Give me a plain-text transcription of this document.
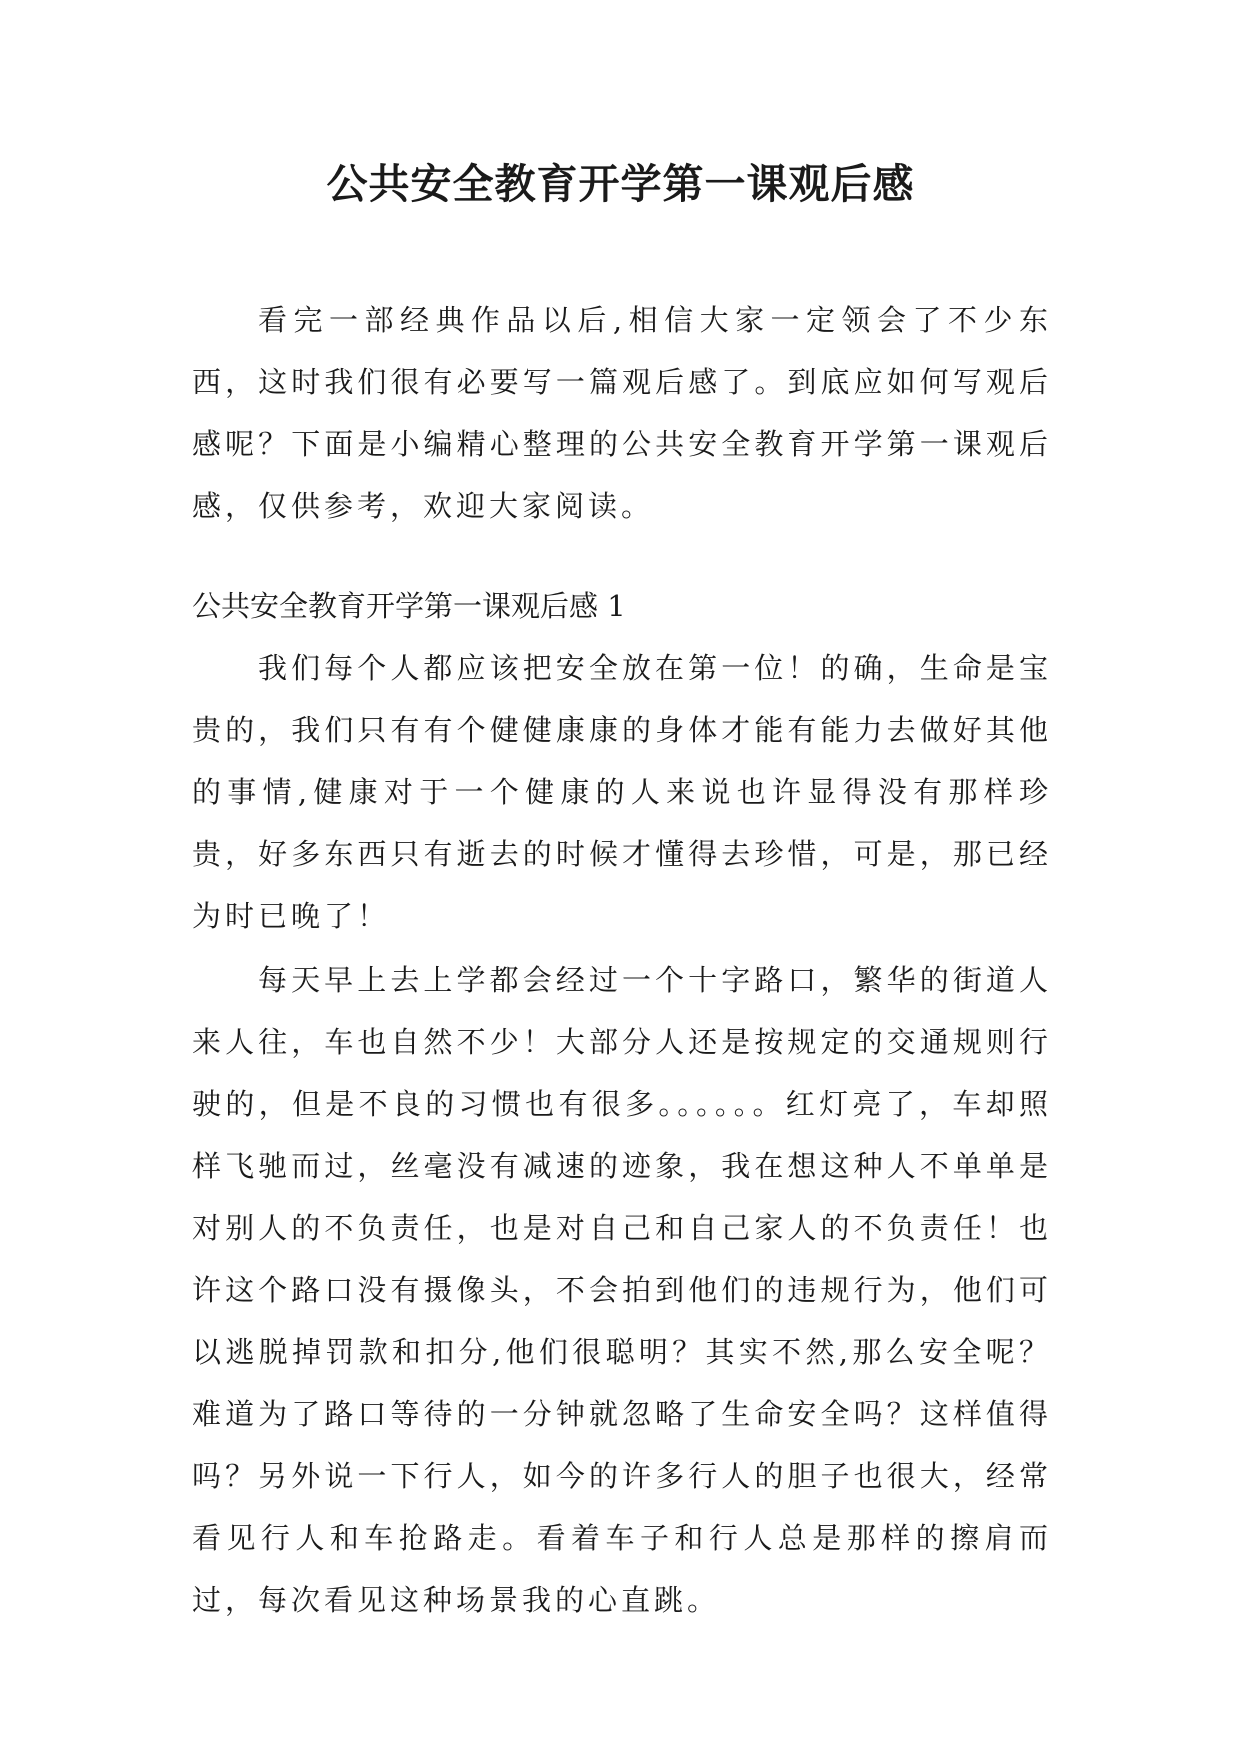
公共安全教育开学第一课观后感

看完一部经典作品以后,相信大家一定领会了不少东西，这时我们很有必要写一篇观后感了。到底应如何写观后感呢？下面是小编精心整理的公共安全教育开学第一课观后感，仅供参考，欢迎大家阅读。

公共安全教育开学第一课观后感 1

我们每个人都应该把安全放在第一位！的确，生命是宝贵的，我们只有有个健健康康的身体才能有能力去做好其他的事情,健康对于一个健康的人来说也许显得没有那样珍贵，好多东西只有逝去的时候才懂得去珍惜，可是，那已经为时已晚了！

每天早上去上学都会经过一个十字路口，繁华的街道人来人往，车也自然不少！大部分人还是按规定的交通规则行驶的，但是不良的习惯也有很多。。。。。。红灯亮了，车却照样飞驰而过，丝毫没有减速的迹象，我在想这种人不单单是对别人的不负责任，也是对自己和自己家人的不负责任！也许这个路口没有摄像头，不会拍到他们的违规行为，他们可以逃脱掉罚款和扣分,他们很聪明？其实不然,那么安全呢？难道为了路口等待的一分钟就忽略了生命安全吗？这样值得吗？另外说一下行人，如今的许多行人的胆子也很大，经常看见行人和车抢路走。看着车子和行人总是那样的擦肩而过，每次看见这种场景我的心直跳。
